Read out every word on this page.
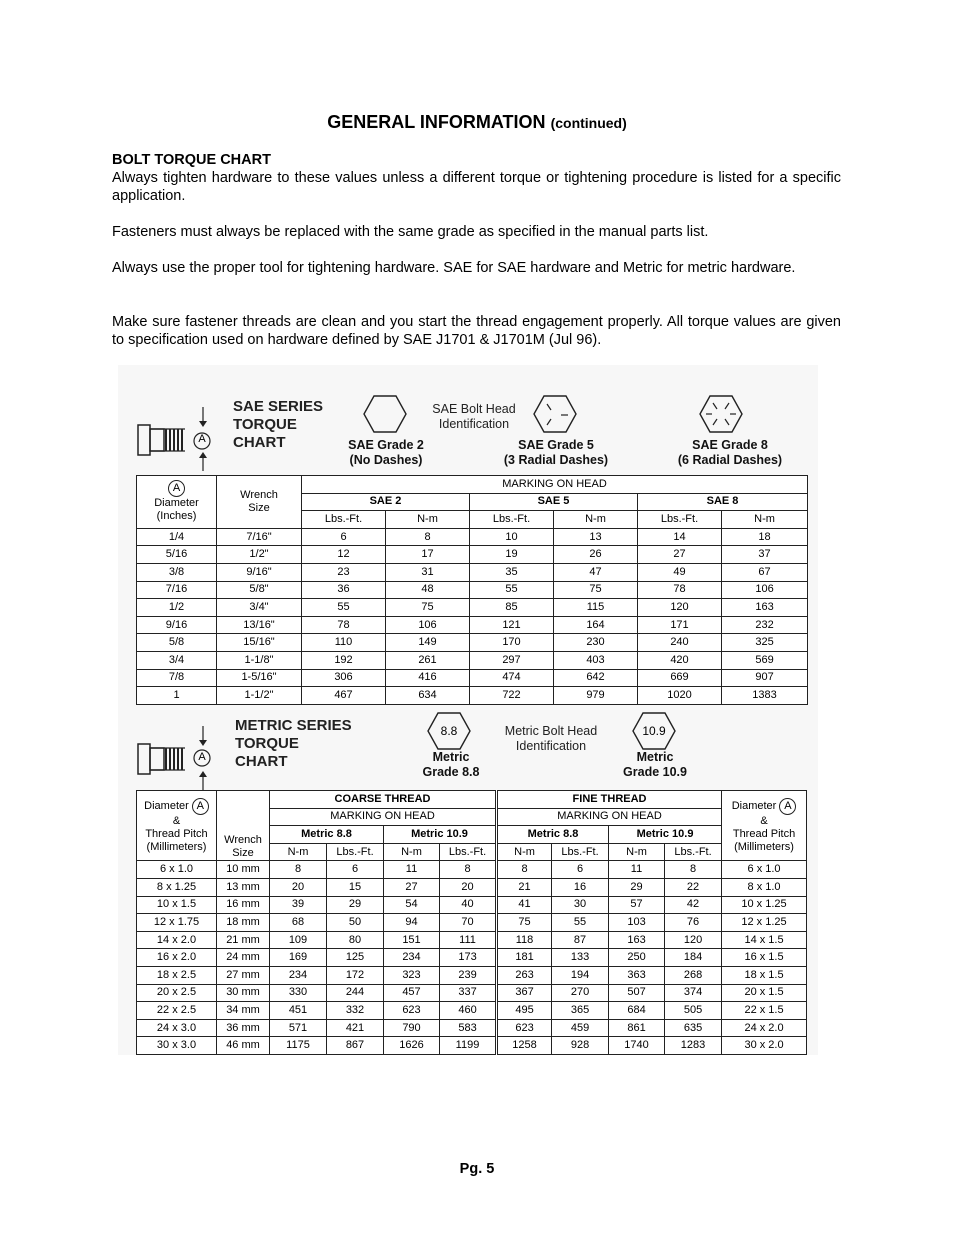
GENERAL INFORMATION (continued)
BOLT TORQUE CHART
Always tighten hardware to these values unless a different torque or tightening procedure is listed for a specific application.
Fasteners must always be replaced with the same grade as specified in the manual parts list.
Always use the proper tool for tightening hardware. SAE for SAE hardware and Metric for metric hardware.
Make sure fastener threads are clean and you start the thread engagement properly. All torque values are given to specification used on hardware defined by SAE J1701 & J1701M (Jul 96).
A
SAE SERIES
TORQUE
CHART
SAE Bolt Head
Identification
SAE Grade 2
(No Dashes)
SAE Grade 5
(3 Radial Dashes)
SAE Grade 8
(6 Radial Dashes)
A
Diameter
(Inches)	Wrench
Size	MARKING ON HEAD					
		SAE 2		SAE 5		SAE 8	
		Lbs.-Ft.	N-m	Lbs.-Ft.	N-m	Lbs.-Ft.	N-m
1/4	7/16"	6	8	10	13	14	18
5/16	1/2"	12	17	19	26	27	37
3/8	9/16"	23	31	35	47	49	67
7/16	5/8"	36	48	55	75	78	106
1/2	3/4"	55	75	85	115	120	163
9/16	13/16"	78	106	121	164	171	232
5/8	15/16"	110	149	170	230	240	325
3/4	1-1/8"	192	261	297	403	420	569
7/8	1-5/16"	306	416	474	642	669	907
1	1-1/2"	467	634	722	979	1020	1383
A
METRIC SERIES
TORQUE
CHART
8.8	Metric Bolt Head
Identification
10.9
Metric
Grade 8.8
Metric
Grade 10.9
Diameter A
&
Thread Pitch
(Millimeters)	Wrench
Size	COARSE THREAD				FINE THREAD				Diameter A
&
Thread Pitch
(Millimeters)
		MARKING ON HEAD				MARKING ON HEAD				
		Metric 8.8		Metric 10.9		Metric 8.8		Metric 10.9		
		N-m	Lbs.-Ft.	N-m	Lbs.-Ft.	N-m	Lbs.-Ft.	N-m	Lbs.-Ft.	
6 x 1.0	10 mm	8	6	11	8	8	6	11	8	6 x 1.0
8 x 1.25	13 mm	20	15	27	20	21	16	29	22	8 x 1.0
10 x 1.5	16 mm	39	29	54	40	41	30	57	42	10 x 1.25
12 x 1.75	18 mm	68	50	94	70	75	55	103	76	12 x 1.25
14 x 2.0	21 mm	109	80	151	111	118	87	163	120	14 x 1.5
16 x 2.0	24 mm	169	125	234	173	181	133	250	184	16 x 1.5
18 x 2.5	27 mm	234	172	323	239	263	194	363	268	18 x 1.5
20 x 2.5	30 mm	330	244	457	337	367	270	507	374	20 x 1.5
22 x 2.5	34 mm	451	332	623	460	495	365	684	505	22 x 1.5
24 x 3.0	36 mm	571	421	790	583	623	459	861	635	24 x 2.0
30 x 3.0	46 mm	1175	867	1626	1199	1258	928	1740	1283	30 x 2.0
Pg. 5
